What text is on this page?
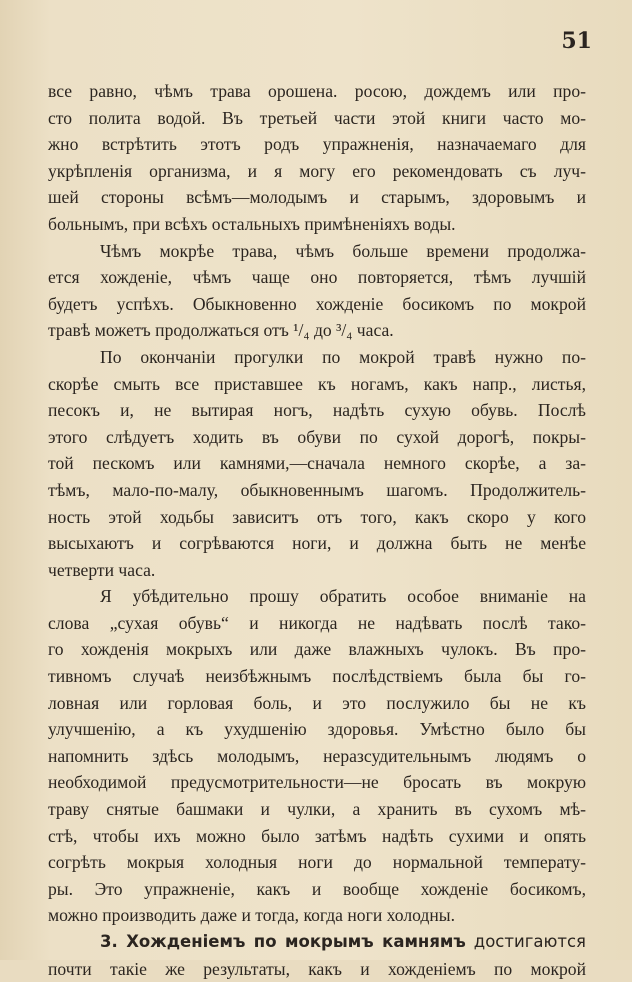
51
все равно, чѣмъ трава орошена. росою, дождемъ или про-
сто полита водой. Въ третьей части этой книги часто мо-
жно встрѣтить этотъ родъ упражненія, назначаемаго для
укрѣпленія организма, и я могу его рекомендовать съ луч-
шей стороны всѣмъ—молодымъ и старымъ, здоровымъ и
больнымъ, при всѣхъ остальныхъ примѣненіяхъ воды.
Чѣмъ мокрѣе трава, чѣмъ больше времени продолжа-
ется хожденіе, чѣмъ чаще оно повторяется, тѣмъ лучшій
будетъ успѣхъ. Обыкновенно хожденіе босикомъ по мокрой
травѣ можетъ продолжаться отъ ¹/₄ до ³/₄ часа.
По окончаніи прогулки по мокрой травѣ нужно по-
скорѣе смыть все приставшее къ ногамъ, какъ напр., листья,
песокъ и, не вытирая ногъ, надѣть сухую обувь. Послѣ
этого слѣдуетъ ходить въ обуви по сухой дорогѣ, покры-
той пескомъ или камнями,—сначала немного скорѣе, а за-
тѣмъ, мало-по-малу, обыкновеннымъ шагомъ. Продолжитель-
ность этой ходьбы зависитъ отъ того, какъ скоро у кого
высыхаютъ и согрѣваются ноги, и должна быть не менѣе
четверти часа.
Я убѣдительно прошу обратить особое вниманіе на
слова „сухая обувь“ и никогда не надѣвать послѣ тако-
го хожденія мокрыхъ или даже влажныхъ чулокъ. Въ про-
тивномъ случаѣ неизбѣжнымъ послѣдствіемъ была бы го-
ловная или горловая боль, и это послужило бы не къ
улучшенію, а къ ухудшенію здоровья. Умѣстно было бы
напомнить здѣсь молодымъ, неразсудительнымъ людямъ о
необходимой предусмотрительности—не бросать въ мокрую
траву снятые башмаки и чулки, а хранить въ сухомъ мѣ-
стѣ, чтобы ихъ можно было затѣмъ надѣть сухими и опять
согрѣть мокрыя холодныя ноги до нормальной температу-
ры. Это упражненіе, какъ и вообще хожденіе босикомъ,
можно производить даже и тогда, когда ноги холодны.
3. Хожденіемъ по мокрымъ камнямъ достигаются
почти такіе же результаты, какъ и хожденіемъ по мокрой
